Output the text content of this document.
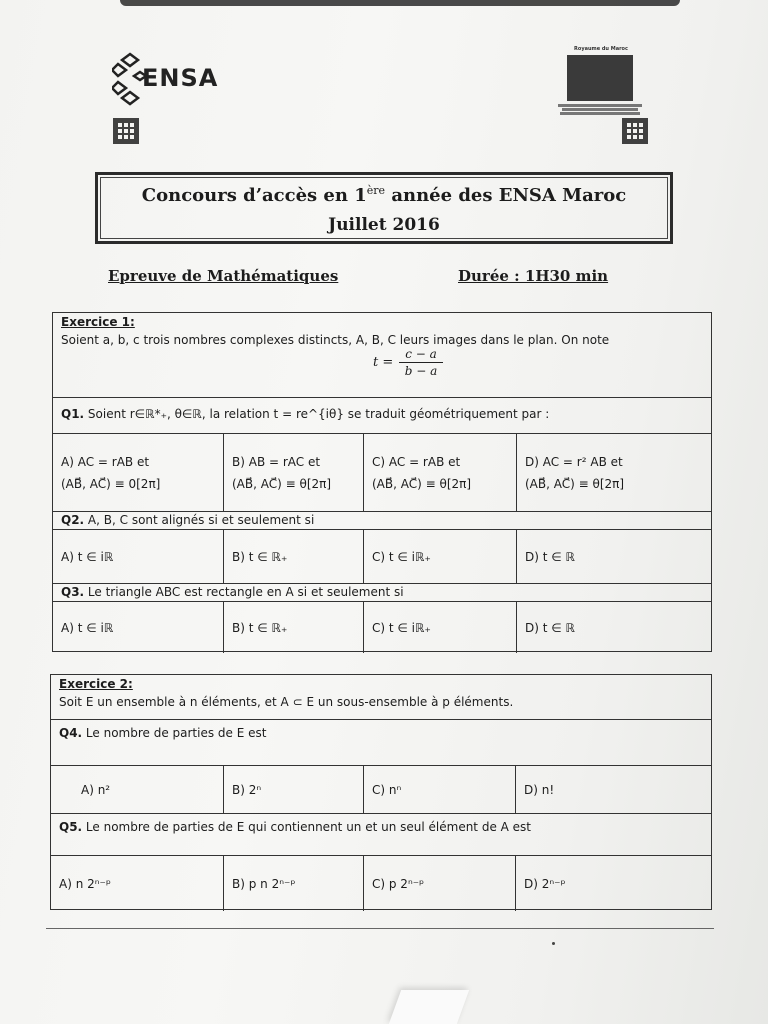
ENSA
Royaume du Maroc
Concours d’accès en 1ère année des ENSA Maroc
Juillet 2016
Epreuve de Mathématiques	Durée : 1H30 min
Exercice 1:
Soient a, b, c trois nombres complexes distincts, A, B, C leurs images dans le plan. On note
$t = \frac{c - a}{b - a}$
Q1. Soient r∈ℝ*₊, θ∈ℝ, la relation t = re^{iθ} se traduit géométriquement par :
A) AC = rAB et
(AB⃗, AC⃗) ≡ 0[2π]
B) AB = rAC et
(AB⃗, AC⃗) ≡ θ[2π]
C) AC = rAB et
(AB⃗, AC⃗) ≡ θ[2π]
D) AC = r² AB et
(AB⃗, AC⃗) ≡ θ[2π]
Q2. A, B, C sont alignés si et seulement si
A) t ∈ iℝ	B) t ∈ ℝ₊	C) t ∈ iℝ₊	D) t ∈ ℝ
Q3. Le triangle ABC est rectangle en A si et seulement si
A) t ∈ iℝ	B) t ∈ ℝ₊	C) t ∈ iℝ₊	D) t ∈ ℝ
Exercice 2:
Soit E un ensemble à n éléments, et A ⊂ E un sous-ensemble à p éléments.
Q4. Le nombre de parties de E est
A) n²	B) 2ⁿ	C) nⁿ	D) n!
Q5. Le nombre de parties de E qui contiennent un et un seul élément de A est
A) n 2ⁿ⁻ᵖ	B) p n 2ⁿ⁻ᵖ	C) p 2ⁿ⁻ᵖ	D) 2ⁿ⁻ᵖ
